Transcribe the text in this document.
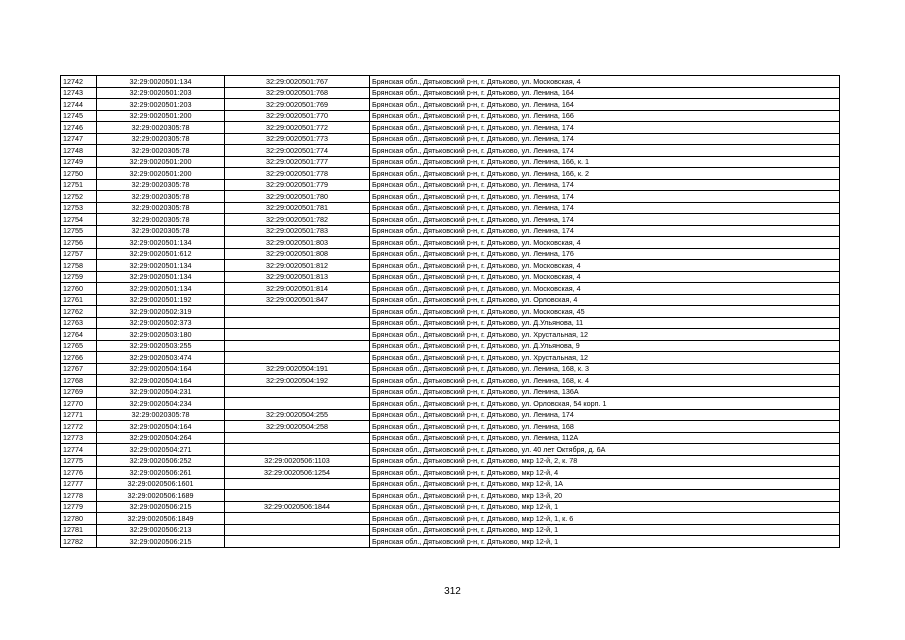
12742	32:29:0020501:134	32:29:0020501:767	Брянская обл., Дятьковский р-н, г. Дятьково, ул. Московская, 4
12743	32:29:0020501:203	32:29:0020501:768	Брянская обл., Дятьковский р-н, г. Дятьково, ул. Ленина, 164
12744	32:29:0020501:203	32:29:0020501:769	Брянская обл., Дятьковский р-н, г. Дятьково, ул. Ленина, 164
12745	32:29:0020501:200	32:29:0020501:770	Брянская обл., Дятьковский р-н, г. Дятьково, ул. Ленина, 166
12746	32:29:0020305:78	32:29:0020501:772	Брянская обл., Дятьковский р-н, г. Дятьково, ул. Ленина, 174
12747	32:29:0020305:78	32:29:0020501:773	Брянская обл., Дятьковский р-н, г. Дятьково, ул. Ленина, 174
12748	32:29:0020305:78	32:29:0020501:774	Брянская обл., Дятьковский р-н, г. Дятьково, ул. Ленина, 174
12749	32:29:0020501:200	32:29:0020501:777	Брянская обл., Дятьковский р-н, г. Дятьково, ул. Ленина, 166, к. 1
12750	32:29:0020501:200	32:29:0020501:778	Брянская обл., Дятьковский р-н, г. Дятьково, ул. Ленина, 166, к. 2
12751	32:29:0020305:78	32:29:0020501:779	Брянская обл., Дятьковский р-н, г. Дятьково, ул. Ленина, 174
12752	32:29:0020305:78	32:29:0020501:780	Брянская обл., Дятьковский р-н, г. Дятьково, ул. Ленина, 174
12753	32:29:0020305:78	32:29:0020501:781	Брянская обл., Дятьковский р-н, г. Дятьково, ул. Ленина, 174
12754	32:29:0020305:78	32:29:0020501:782	Брянская обл., Дятьковский р-н, г. Дятьково, ул. Ленина, 174
12755	32:29:0020305:78	32:29:0020501:783	Брянская обл., Дятьковский р-н, г. Дятьково, ул. Ленина, 174
12756	32:29:0020501:134	32:29:0020501:803	Брянская обл., Дятьковский р-н, г. Дятьково, ул. Московская, 4
12757	32:29:0020501:612	32:29:0020501:808	Брянская обл., Дятьковский р-н, г. Дятьково, ул. Ленина, 176
12758	32:29:0020501:134	32:29:0020501:812	Брянская обл., Дятьковский р-н, г. Дятьково, ул. Московская, 4
12759	32:29:0020501:134	32:29:0020501:813	Брянская обл., Дятьковский р-н, г. Дятьково, ул. Московская, 4
12760	32:29:0020501:134	32:29:0020501:814	Брянская обл., Дятьковский р-н, г. Дятьково, ул. Московская, 4
12761	32:29:0020501:192	32:29:0020501:847	Брянская обл., Дятьковский р-н, г. Дятьково, ул. Орловская, 4
12762	32:29:0020502:319		Брянская обл., Дятьковский р-н, г. Дятьково, ул. Московская, 45
12763	32:29:0020502:373		Брянская обл., Дятьковский р-н, г. Дятьково, ул. Д.Ульянова, 11
12764	32:29:0020503:180		Брянская обл., Дятьковский р-н, г. Дятьково, ул. Хрустальная, 12
12765	32:29:0020503:255		Брянская обл., Дятьковский р-н, г. Дятьково, ул. Д.Ульянова, 9
12766	32:29:0020503:474		Брянская обл., Дятьковский р-н, г. Дятьково, ул. Хрустальная, 12
12767	32:29:0020504:164	32:29:0020504:191	Брянская обл., Дятьковский р-н, г. Дятьково, ул. Ленина, 168, к. 3
12768	32:29:0020504:164	32:29:0020504:192	Брянская обл., Дятьковский р-н, г. Дятьково, ул. Ленина, 168, к. 4
12769	32:29:0020504:231		Брянская обл., Дятьковский р-н, г. Дятьково, ул. Ленина, 136А
12770	32:29:0020504:234		Брянская обл., Дятьковский р-н, г. Дятьково, ул. Орловская, 54 корп. 1
12771	32:29:0020305:78	32:29:0020504:255	Брянская обл., Дятьковский р-н, г. Дятьково, ул. Ленина, 174
12772	32:29:0020504:164	32:29:0020504:258	Брянская обл., Дятьковский р-н, г. Дятьково, ул. Ленина, 168
12773	32:29:0020504:264		Брянская обл., Дятьковский р-н, г. Дятьково, ул. Ленина, 112А
12774	32:29:0020504:271		Брянская обл., Дятьковский р-н, г. Дятьково, ул. 40 лет Октября, д. 6А
12775	32:29:0020506:252	32:29:0020506:1103	Брянская обл., Дятьковский р-н, г. Дятьково, мкр 12-й, 2, к. 78
12776	32:29:0020506:261	32:29:0020506:1254	Брянская обл., Дятьковский р-н, г. Дятьково, мкр 12-й, 4
12777	32:29:0020506:1601		Брянская обл., Дятьковский р-н, г. Дятьково, мкр 12-й, 1А
12778	32:29:0020506:1689		Брянская обл., Дятьковский р-н, г. Дятьково, мкр 13-й, 20
12779	32:29:0020506:215	32:29:0020506:1844	Брянская обл., Дятьковский р-н, г. Дятьково, мкр 12-й, 1
12780	32:29:0020506:1849		Брянская обл., Дятьковский р-н, г. Дятьково, мкр 12-й, 1, к. 6
12781	32:29:0020506:213		Брянская обл., Дятьковский р-н, г. Дятьково, мкр 12-й, 1
12782	32:29:0020506:215		Брянская обл., Дятьковский р-н, г. Дятьково, мкр 12-й, 1
312
